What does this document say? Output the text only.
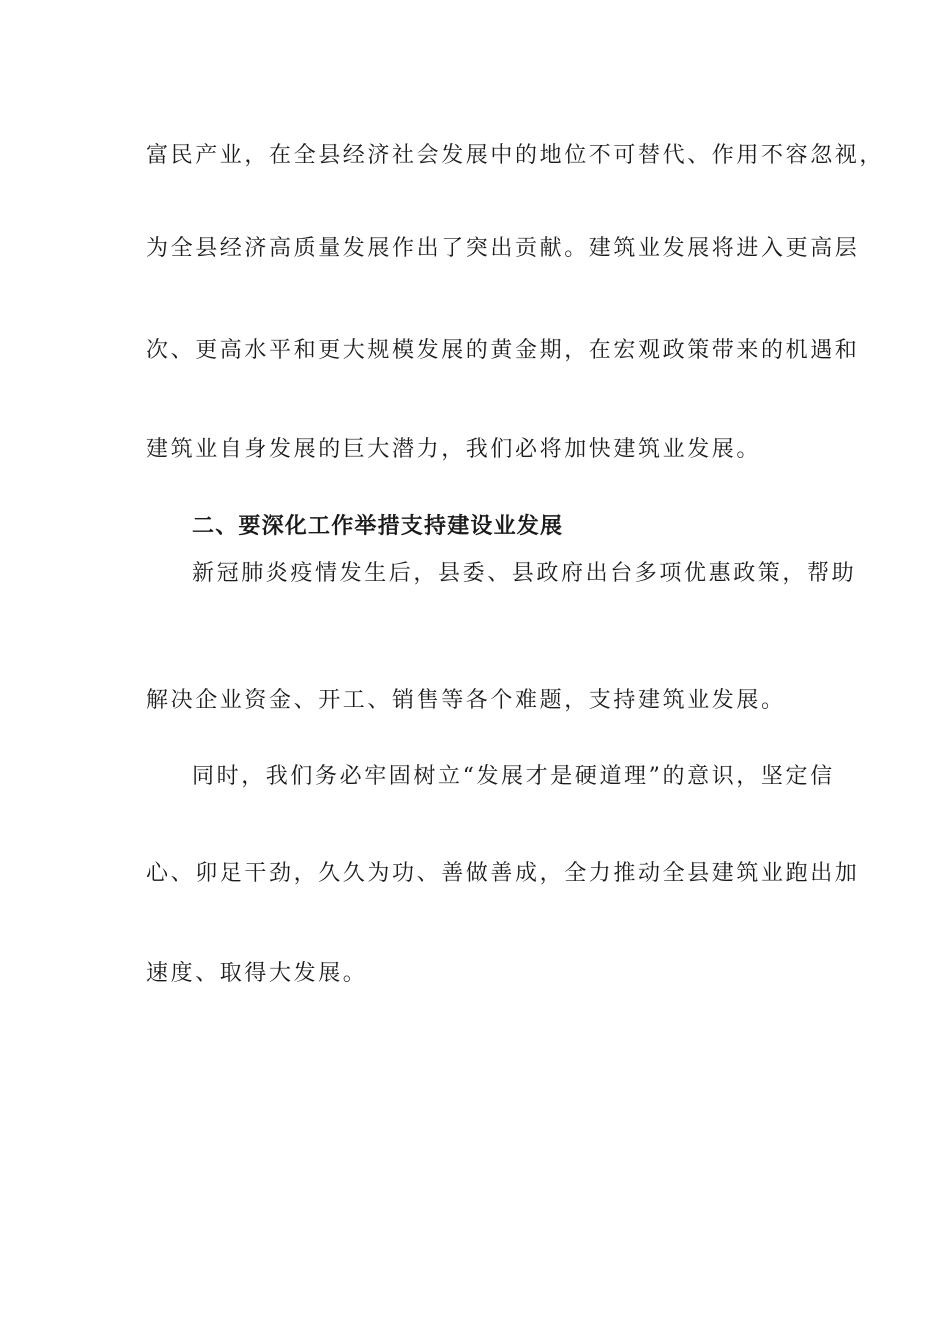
富民产业，在全县经济社会发展中的地位不可替代、作用不容忽视，
为全县经济高质量发展作出了突出贡献。建筑业发展将进入更高层
次、更高水平和更大规模发展的黄金期，在宏观政策带来的机遇和
建筑业自身发展的巨大潜力，我们必将加快建筑业发展。
二、要深化工作举措支持建设业发展
新冠肺炎疫情发生后，县委、县政府出台多项优惠政策，帮助
解决企业资金、开工、销售等各个难题，支持建筑业发展。
同时，我们务必牢固树立“发展才是硬道理”的意识，坚定信
心、卯足干劲，久久为功、善做善成，全力推动全县建筑业跑出加
速度、取得大发展。
